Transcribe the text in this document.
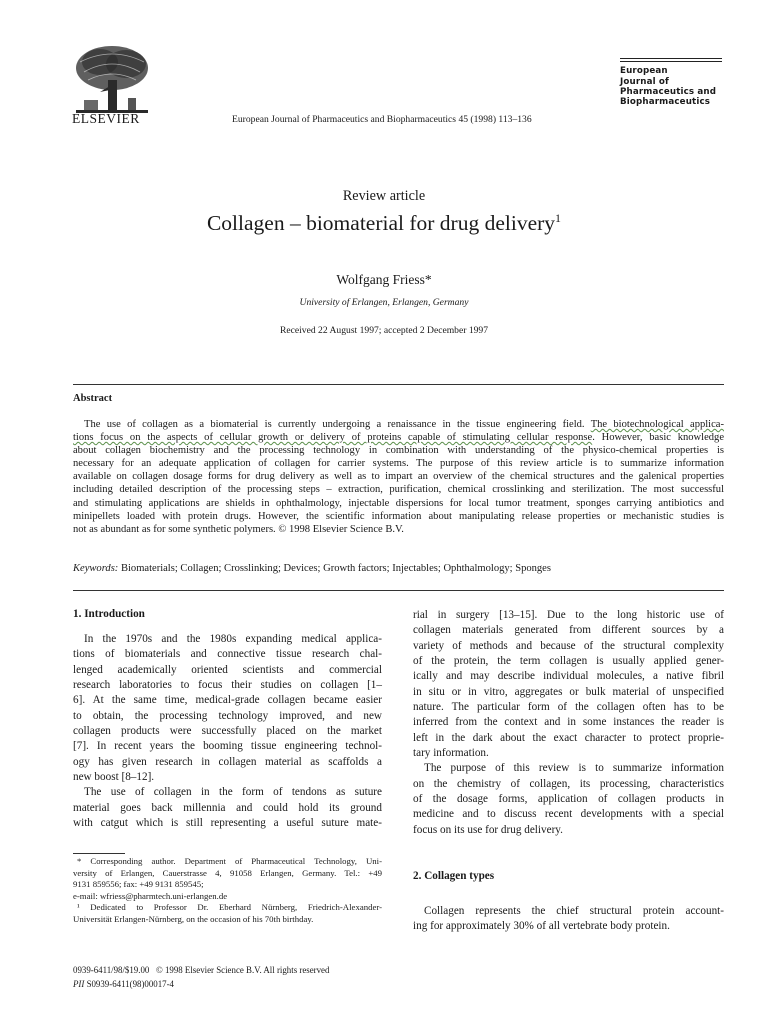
ELSEVIER	European Journal of Pharmaceutics and Biopharmaceutics 45 (1998) 113–136
European
Journal of
Pharmaceutics and
Biopharmaceutics
Review article
Collagen – biomaterial for drug delivery$^1$
Wolfgang Friess*
University of Erlangen, Erlangen, Germany
Received 22 August 1997; accepted 2 December 1997
Abstract
The use of collagen as a biomaterial is currently undergoing a renaissance in the tissue engineering field. The biotechnological applica-
tions focus on the aspects of cellular growth or delivery of proteins capable of stimulating cellular response. However, basic knowledge
about collagen biochemistry and the processing technology in combination with understanding of the physico-chemical properties is
necessary for an adequate application of collagen for carrier systems. The purpose of this review article is to summarize information
available on collagen dosage forms for drug delivery as well as to impart an overview of the chemical structures and the galenical properties
including detailed description of the processing steps – extraction, purification, chemical crosslinking and sterilization. The most successful
and stimulating applications are shields in ophthalmology, injectable dispersions for local tumor treatment, sponges carrying antibiotics and
minipellets loaded with protein drugs. However, the scientific information about manipulating release properties or mechanistic studies is
not as abundant as for some synthetic polymers. © 1998 Elsevier Science B.V.
Keywords: Biomaterials; Collagen; Crosslinking; Devices; Growth factors; Injectables; Ophthalmology; Sponges
1. Introduction
In the 1970s and the 1980s expanding medical applica-
tions of biomaterials and connective tissue research chal-
lenged academically oriented scientists and commercial
research laboratories to focus their studies on collagen [1–
6]. At the same time, medical-grade collagen became easier
to obtain, the processing technology improved, and new
collagen products were successfully placed on the market
[7]. In recent years the booming tissue engineering technol-
ogy has given research in collagen material as scaffolds a
new boost [8–12].
The use of collagen in the form of tendons as suture
material goes back millennia and could hold its ground
with catgut which is still representing a useful suture mate-
rial in surgery [13–15]. Due to the long historic use of
collagen materials generated from different sources by a
variety of methods and because of the structural complexity
of the protein, the term collagen is usually applied gener-
ically and may describe individual molecules, a native fibril
in situ or in vitro, aggregates or bulk material of unspecified
nature. The particular form of the collagen often has to be
inferred from the context and in some instances the reader is
left in the dark about the exact character to protect proprie-
tary information.
The purpose of this review is to summarize information
on the chemistry of collagen, its processing, characteristics
of the dosage forms, application of collagen products in
medicine and to discuss recent developments with a special
focus on its use for drug delivery.
2. Collagen types
Collagen represents the chief structural protein account-
ing for approximately 30% of all vertebrate body protein.
* Corresponding author. Department of Pharmaceutical Technology, Uni-
versity of Erlangen, Cauerstrasse 4, 91058 Erlangen, Germany. Tel.: +49
9131 859556; fax: +49 9131 859545;
e-mail: wfriess@pharmtech.uni-erlangen.de
¹ Dedicated to Professor Dr. Eberhard Nürnberg, Friedrich-Alexander-
Universität Erlangen-Nürnberg, on the occasion of his 70th birthday.
0939-6411/98/$19.00   © 1998 Elsevier Science B.V. All rights reserved
PII S0939-6411(98)00017-4
